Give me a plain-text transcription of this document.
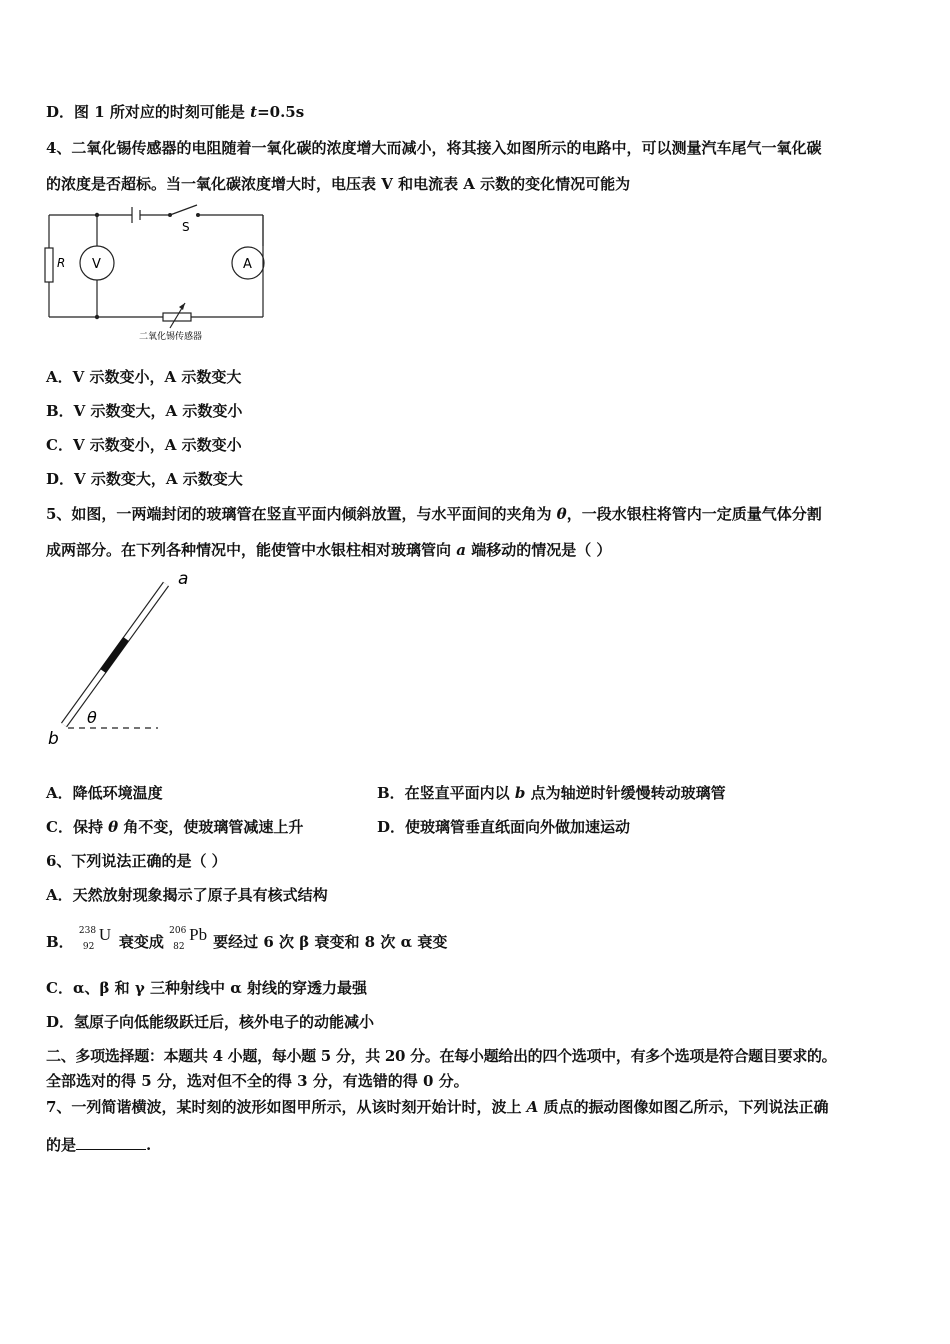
D．图 1 所对应的时刻可能是 t=0.5s
4、二氧化锡传感器的电阻随着一氧化碳的浓度增大而减小，将其接入如图所示的电路中，可以测量汽车尾气一氧化碳
的浓度是否超标。当一氧化碳浓度增大时，电压表 V 和电流表 A 示数的变化情况可能为
R V	A
S
二氧化锡传感器
A．V 示数变小，A 示数变大
B．V 示数变大，A 示数变小
C．V 示数变小，A 示数变小
D．V 示数变大，A 示数变大
5、如图，一两端封闭的玻璃管在竖直平面内倾斜放置，与水平面间的夹角为 θ，一段水银柱将管内一定质量气体分割
成两部分。在下列各种情况中，能使管中水银柱相对玻璃管向 a 端移动的情况是（ ）
a
b
θ
A．降低环境温度	B．在竖直平面内以 b 点为轴逆时针缓慢转动玻璃管
C．保持 θ 角不变，使玻璃管减速上升	D．使玻璃管垂直纸面向外做加速运动
6、下列说法正确的是（ ）
A．天然放射现象揭示了原子具有核式结构
B．
238
92
U 衰变成
206
82
Pb 要经过 6 次 β 衰变和 8 次 α 衰变
C．α、β 和 γ 三种射线中 α 射线的穿透力最强
D．氢原子向低能级跃迁后，核外电子的动能减小
二、多项选择题：本题共 4 小题，每小题 5 分，共 20 分。在每小题给出的四个选项中，有多个选项是符合题目要求的。
全部选对的得 5 分，选对但不全的得 3 分，有选错的得 0 分。
7、一列简谐横波，某时刻的波形如图甲所示，从该时刻开始计时，波上 A 质点的振动图像如图乙所示，下列说法正确
的是	.
